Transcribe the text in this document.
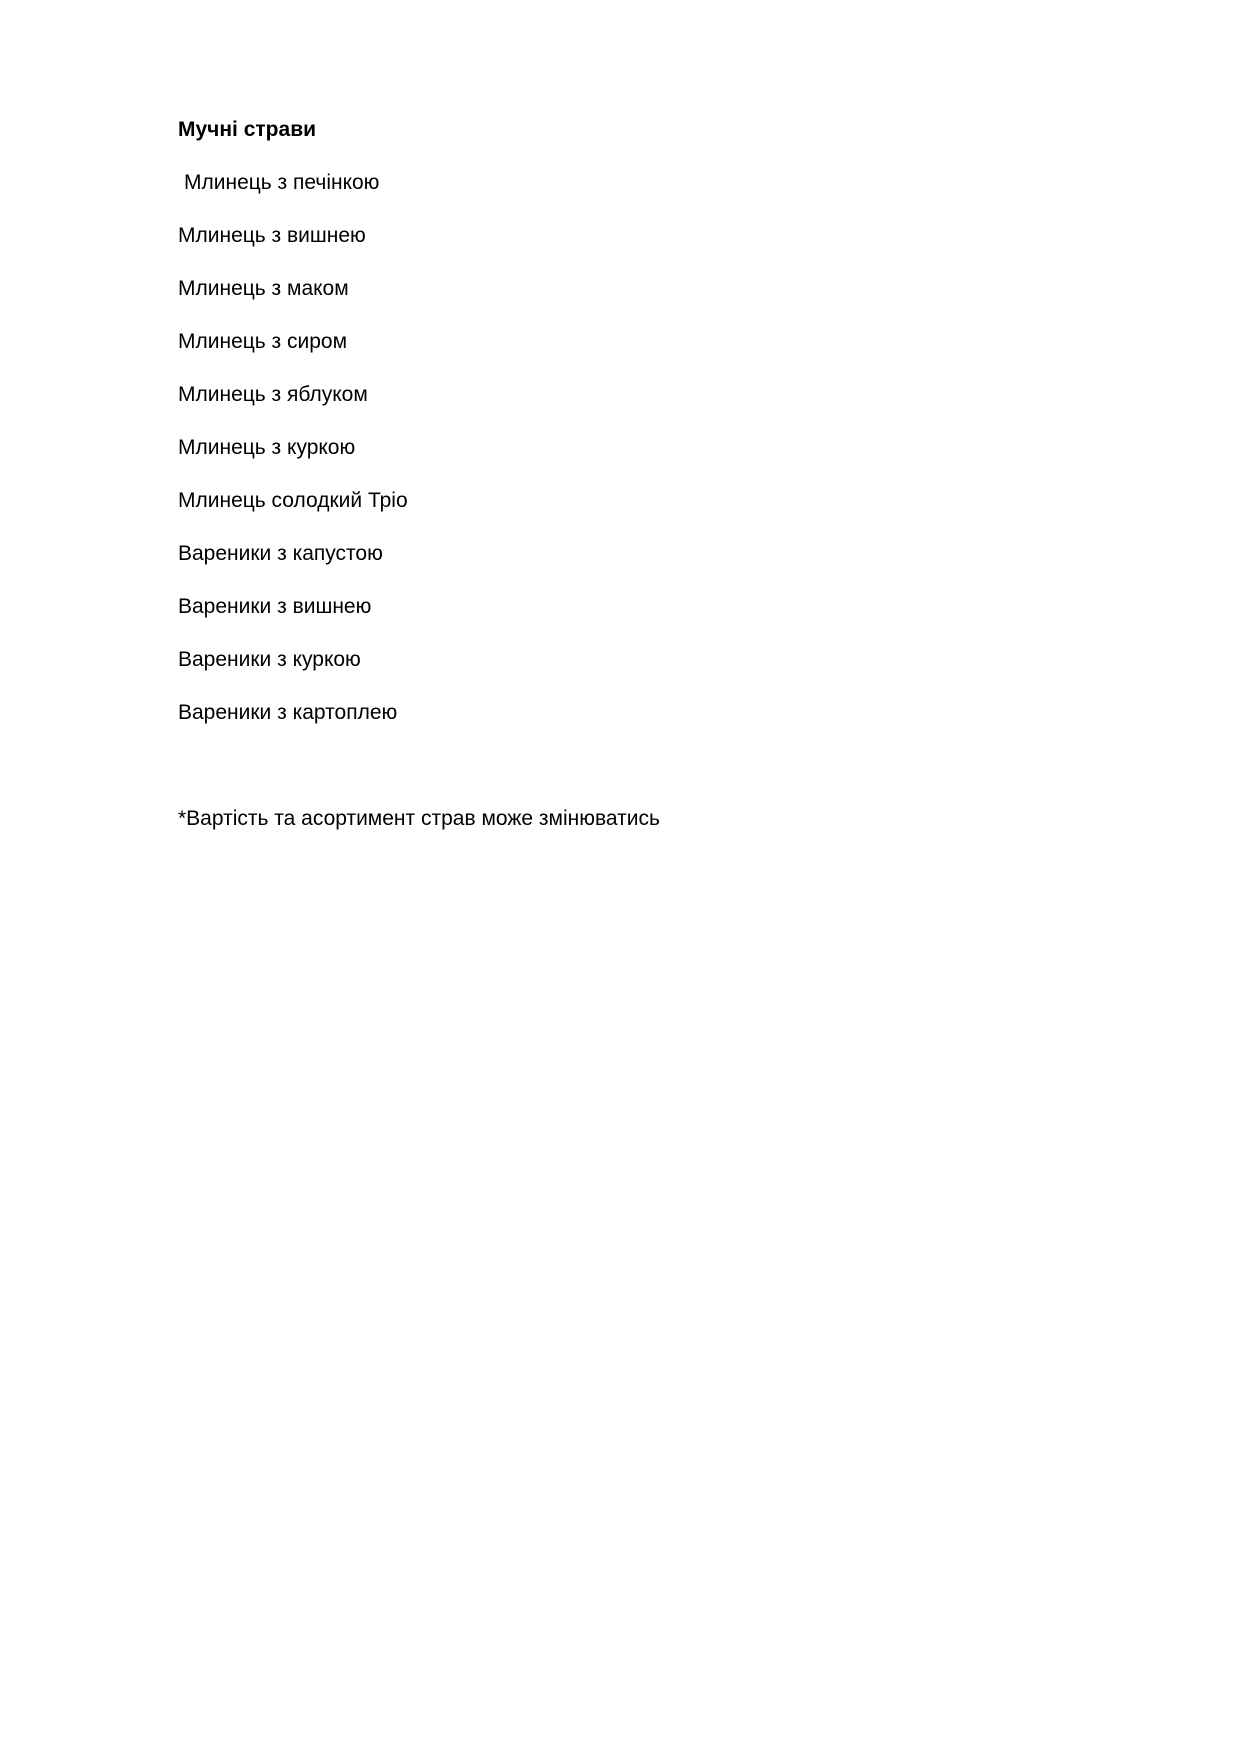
Мучні страви
Млинець з печінкою
Млинець з вишнею
Млинець з маком
Млинець з сиром
Млинець з яблуком
Млинець з куркою
Млинець солодкий Тріо
Вареники з капустою
Вареники з вишнею
Вареники з куркою
Вареники з картоплею

*Вартість та асортимент страв може змінюватись
